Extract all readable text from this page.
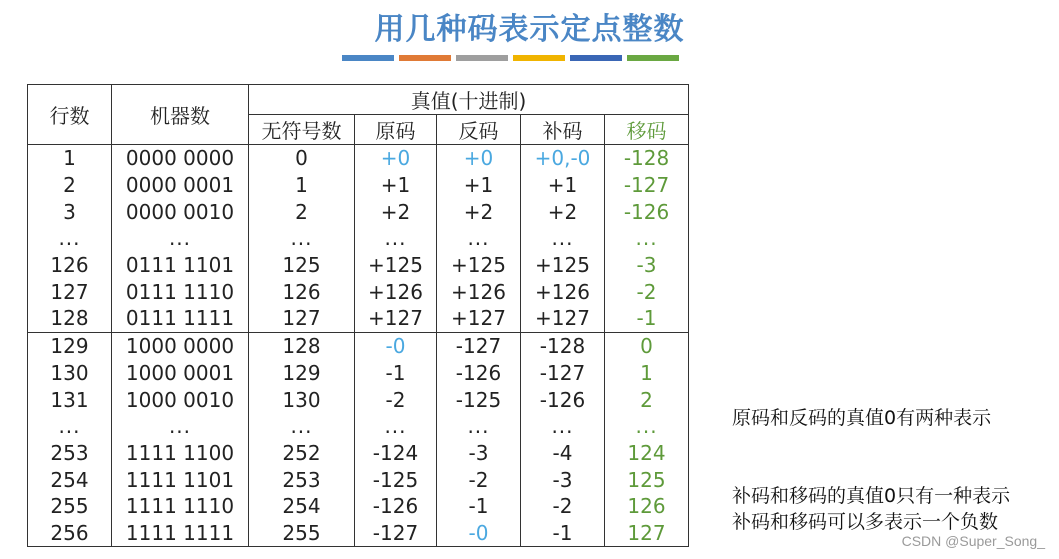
用几种码表示定点整数
行数	机器数	真值(十进制)				
		无符号数	原码	反码	补码	移码
1	0000 0000	0	+0	+0	+0,-0	-128
2	0000 0001	1	+1	+1	+1	-127
3	0000 0010	2	+2	+2	+2	-126
...	...	...	...	...	...	...
126	0111 1101	125	+125	+125	+125	-3
127	0111 1110	126	+126	+126	+126	-2
128	0111 1111	127	+127	+127	+127	-1
129	1000 0000	128	-0	-127	-128	0
130	1000 0001	129	-1	-126	-127	1
131	1000 0010	130	-2	-125	-126	2
...	...	...	...	...	...	...
253	1111 1100	252	-124	-3	-4	124
254	1111 1101	253	-125	-2	-3	125
255	1111 1110	254	-126	-1	-2	126
256	1111 1111	255	-127	-0	-1	127
原码和反码的真值0有两种表示
补码和移码的真值0只有一种表示
补码和移码可以多表示一个负数
CSDN @Super_Song_
